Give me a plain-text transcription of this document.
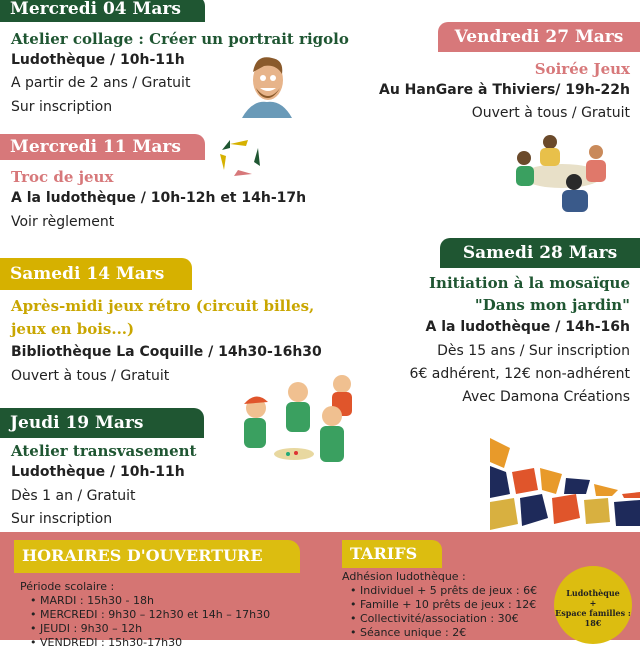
Mercredi 04 Mars
Atelier collage : Créer un portrait rigolo
Ludothèque / 10h-11h
A partir de 2 ans / Gratuit
Sur inscription
Mercredi 11 Mars
Troc de jeux
A la ludothèque / 10h-12h et 14h-17h
Voir règlement
Samedi 14 Mars
Après-midi jeux rétro (circuit billes,
jeux en bois...)
Bibliothèque La Coquille / 14h30-16h30
Ouvert à tous / Gratuit
Jeudi 19 Mars
Atelier transvasement
Ludothèque / 10h-11h
Dès 1 an / Gratuit
Sur inscription
Vendredi 27 Mars
Soirée Jeux
Au HanGare à Thiviers/ 19h-22h
Ouvert à tous / Gratuit
Samedi 28 Mars
Initiation à la mosaïque
"Dans mon jardin"
A la ludothèque / 14h-16h
Dès 15 ans / Sur inscription
6€ adhérent, 12€ non-adhérent
Avec Damona Créations
HORAIRES D'OUVERTURE
Période scolaire :
• MARDI : 15h30 - 18h
• MERCREDI : 9h30 – 12h30 et 14h – 17h30
• JEUDI : 9h30 – 12h
• VENDREDI : 15h30-17h30
TARIFS
Adhésion ludothèque :
• Individuel + 5 prêts de jeux : 6€
• Famille + 10 prêts de jeux : 12€
• Collectivité/association : 30€
• Séance unique : 2€
Ludothèque
+
Espace familles :
18€
